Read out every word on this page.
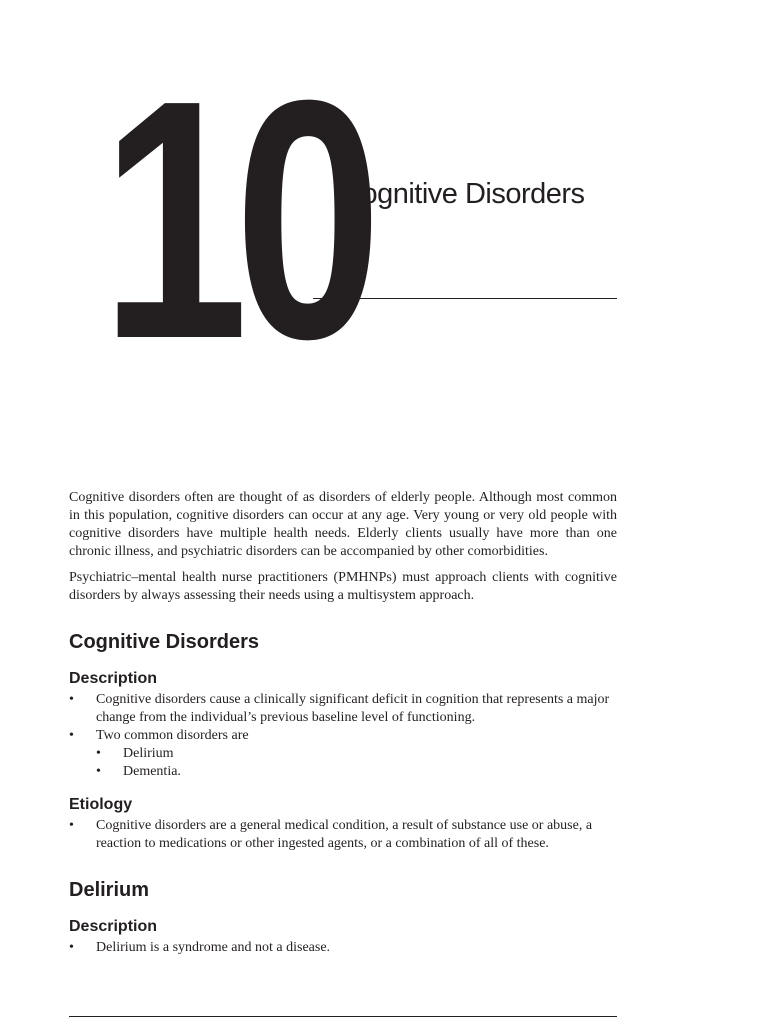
10
Cognitive Disorders

Cognitive disorders often are thought of as disorders of elderly people. Although most common in this population, cognitive disorders can occur at any age. Very young or very old people with cognitive disorders have multiple health needs. Elderly clients usually have more than one chronic illness, and psychiatric disorders can be accompanied by other comorbidities.

Psychiatric–mental health nurse practitioners (PMHNPs) must approach clients with cognitive disorders by always assessing their needs using a multisystem approach.

Cognitive Disorders
Description
• Cognitive disorders cause a clinically significant deficit in cognition that represents a major change from the individual’s previous baseline level of functioning.
• Two common disorders are
• Delirium
• Dementia.
Etiology
• Cognitive disorders are a general medical condition, a result of substance use or abuse, a reaction to medications or other ingested agents, or a combination of all of these.
Delirium
Description
• Delirium is a syndrome and not a disease.
